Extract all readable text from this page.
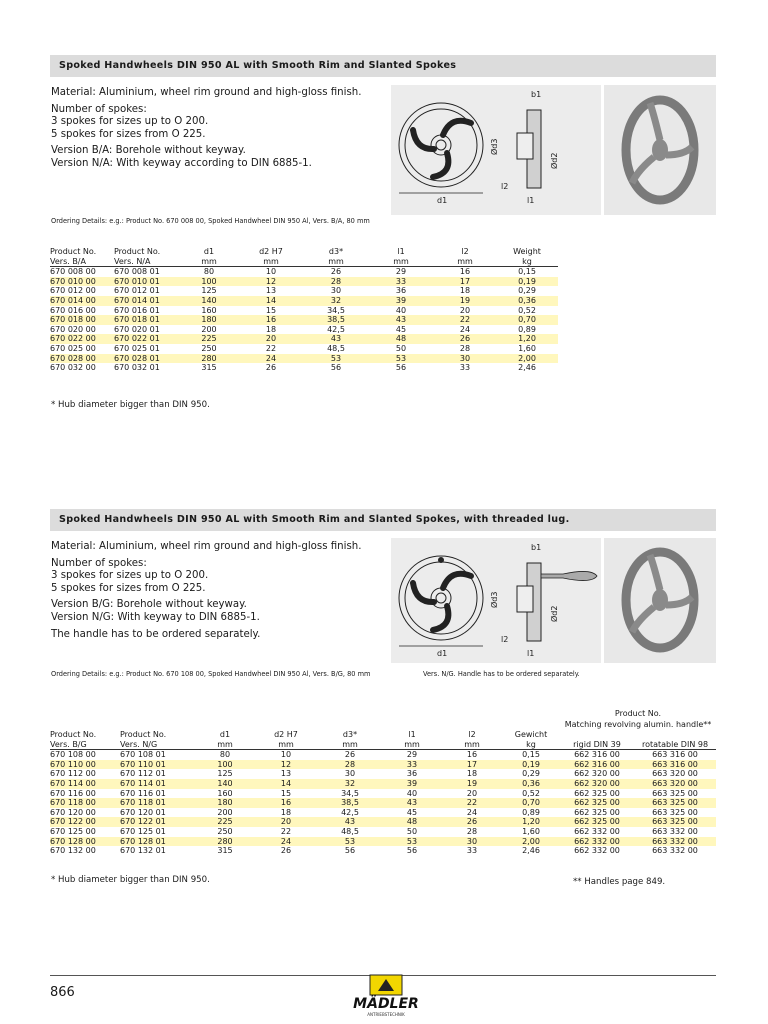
Spoked Handwheels DIN 950 AL with Smooth Rim and Slanted Spokes

Material: Aluminium, wheel rim ground and high-gloss finish.

Number of spokes:

3 spokes for sizes up to O 200.

5 spokes for sizes from O 225.

Version B/A: Borehole without keyway.

Version N/A: With keyway according to DIN 6885-1.

d1
b1
Ød3
Ød2
l2
l1
Ordering Details: e.g.: Product No. 670 008 00, Spoked Handwheel DIN 950 Al, Vers. B/A, 80 mm
Product No.	Product No.	d1	d2 H7	d3*	l1	l2	Weight
Vers. B/A	Vers. N/A	mm	mm	mm	mm	mm	kg
670 008 00	670 008 01	80	10	26	29	16	0,15
670 010 00	670 010 01	100	12	28	33	17	0,19
670 012 00	670 012 01	125	13	30	36	18	0,29
670 014 00	670 014 01	140	14	32	39	19	0,36
670 016 00	670 016 01	160	15	34,5	40	20	0,52
670 018 00	670 018 01	180	16	38,5	43	22	0,70
670 020 00	670 020 01	200	18	42,5	45	24	0,89
670 022 00	670 022 01	225	20	43	48	26	1,20
670 025 00	670 025 01	250	22	48,5	50	28	1,60
670 028 00	670 028 01	280	24	53	53	30	2,00
670 032 00	670 032 01	315	26	56	56	33	2,46
* Hub diameter bigger than DIN 950.
Spoked Handwheels DIN 950 AL with Smooth Rim and Slanted Spokes, with threaded lug.

Material: Aluminium, wheel rim ground and high-gloss finish.

Number of spokes:

3 spokes for sizes up to O 200.

5 spokes for sizes from O 225.

Version B/G: Borehole without keyway.

Version N/G: With keyway to DIN 6885-1.

The handle has to be ordered separately.

d1
b1
Ød3
Ød2
l2
l1
Ordering Details: e.g.: Product No. 670 108 00, Spoked Handwheel DIN 950 Al, Vers. B/G, 80 mm	Vers. N/G. Handle has to be ordered separately.

								Product No.
Matching revolving alumin. handle**	

Product No.	Product No.	d1	d2 H7	d3*	l1	l2	Gewicht		
Vers. B/G	Vers. N/G	mm	mm	mm	mm	mm	kg	rigid DIN 39	rotatable DIN 98
670 108 00	670 108 01	80	10	26	29	16	0,15	662 316 00	663 316 00
670 110 00	670 110 01	100	12	28	33	17	0,19	662 316 00	663 316 00
670 112 00	670 112 01	125	13	30	36	18	0,29	662 320 00	663 320 00
670 114 00	670 114 01	140	14	32	39	19	0,36	662 320 00	663 320 00
670 116 00	670 116 01	160	15	34,5	40	20	0,52	662 325 00	663 325 00
670 118 00	670 118 01	180	16	38,5	43	22	0,70	662 325 00	663 325 00
670 120 00	670 120 01	200	18	42,5	45	24	0,89	662 325 00	663 325 00
670 122 00	670 122 01	225	20	43	48	26	1,20	662 325 00	663 325 00
670 125 00	670 125 01	250	22	48,5	50	28	1,60	662 332 00	663 332 00
670 128 00	670 128 01	280	24	53	53	30	2,00	662 332 00	663 332 00
670 132 00	670 132 01	315	26	56	56	33	2,46	662 332 00	663 332 00
* Hub diameter bigger than DIN 950.	** Handles page 849.
866
MÄDLER
ANTRIEBSTECHNIK
